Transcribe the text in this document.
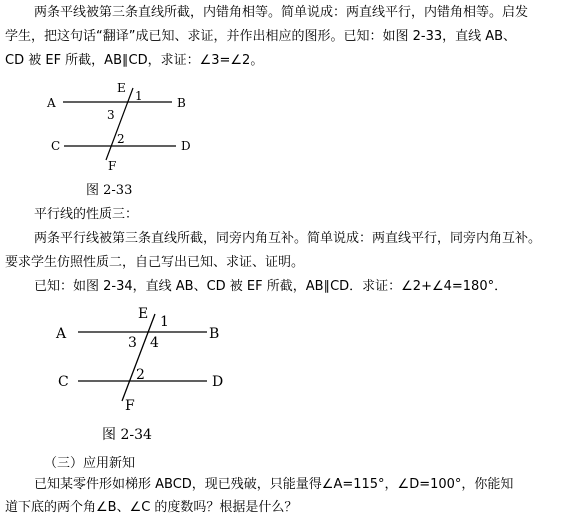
两条平线被第三条直线所截，内错角相等。简单说成：两直线平行，内错角相等。启发
学生，把这句话“翻译”成已知、求证，并作出相应的图形。已知：如图 2-33，直线 AB、
CD 被 EF 所截，AB∥CD，求证：∠3=∠2。
A	B
C	D
E
F
1
2
3
图 2-33
平行线的性质三：
两条平行线被第三条直线所截，同旁内角互补。简单说成：两直线平行，同旁内角互补。
要求学生仿照性质二，自己写出已知、求证、证明。
已知：如图 2-34，直线 AB、CD 被 EF 所截，AB∥CD．求证：∠2+∠4=180°．
A	B
C	D
E
F
1
2
3 4
图 2-34
（三）应用新知
已知某零件形如梯形 ABCD，现已残破，只能量得∠A=115°，∠D=100°，你能知
道下底的两个角∠B、∠C 的度数吗？根据是什么？
